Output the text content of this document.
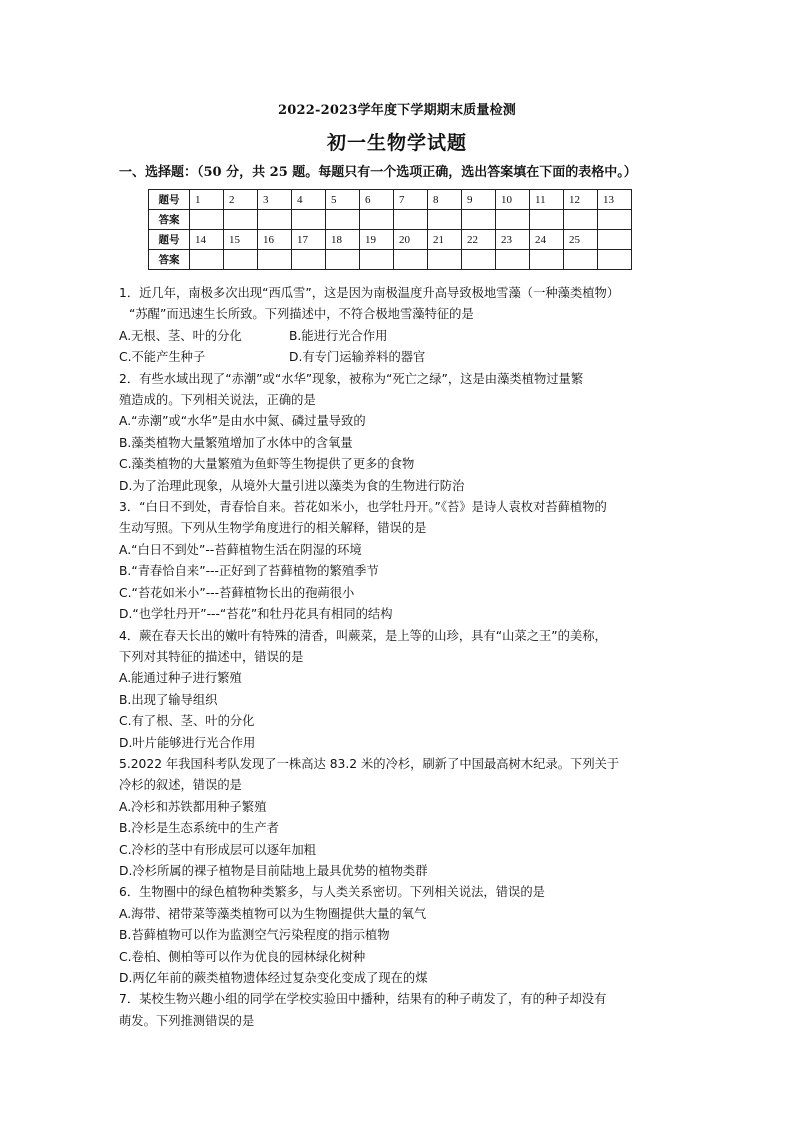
2022-2023学年度下学期期末质量检测
初一生物学试题
一、选择题：（50 分，共 25 题。每题只有一个选项正确，选出答案填在下面的表格中。）
题号	1	2	3	4	5	6	7	8	9	10	11	12	13
答案													
题号	14	15	16	17	18	19	20	21	22	23	24	25	
答案													

1．近几年，南极多次出现“西瓜雪”，这是因为南极温度升高导致极地雪藻（一种藻类植物）

“苏醒”而迅速生长所致。下列描述中，不符合极地雪藻特征的是

A.无根、茎、叶的分化	B.能进行光合作用

C.不能产生种子	D.有专门运输养料的器官

2．有些水域出现了“赤潮”或“水华”现象，被称为“死亡之绿”，这是由藻类植物过量繁

殖造成的。下列相关说法，正确的是

A.“赤潮”或“水华”是由水中氮、磷过量导致的

B.藻类植物大量繁殖增加了水体中的含氧量

C.藻类植物的大量繁殖为鱼虾等生物提供了更多的食物

D.为了治理此现象，从境外大量引进以藻类为食的生物进行防治

3．“白日不到处，青春恰自来。苔花如米小，也学牡丹开。”《苔》是诗人袁枚对苔藓植物的

生动写照。下列从生物学角度进行的相关解释，错误的是

A.“白日不到处”--苔藓植物生活在阴湿的环境

B.“青春恰自来”---正好到了苔藓植物的繁殖季节

C.“苔花如米小”---苔藓植物长出的孢蒴很小

D.“也学牡丹开”---“苔花”和牡丹花具有相同的结构

4．蕨在春天长出的嫩叶有特殊的清香，叫蕨菜，是上等的山珍，具有“山菜之王”的美称，

下列对其特征的描述中，错误的是

A.能通过种子进行繁殖

B.出现了输导组织

C.有了根、茎、叶的分化

D.叶片能够进行光合作用

5.2022 年我国科考队发现了一株高达 83.2 米的冷杉，刷新了中国最高树木纪录。下列关于

冷杉的叙述，错误的是

A.冷杉和苏铁都用种子繁殖

B.冷杉是生态系统中的生产者

C.冷杉的茎中有形成层可以逐年加粗

D.冷杉所属的裸子植物是目前陆地上最具优势的植物类群

6．生物圈中的绿色植物种类繁多，与人类关系密切。下列相关说法，错误的是

A.海带、裙带菜等藻类植物可以为生物圈提供大量的氧气

B.苔藓植物可以作为监测空气污染程度的指示植物

C.卷柏、侧柏等可以作为优良的园林绿化树种

D.两亿年前的蕨类植物遗体经过复杂变化变成了现在的煤

7．某校生物兴趣小组的同学在学校实验田中播种，结果有的种子萌发了，有的种子却没有

萌发。下列推测错误的是
